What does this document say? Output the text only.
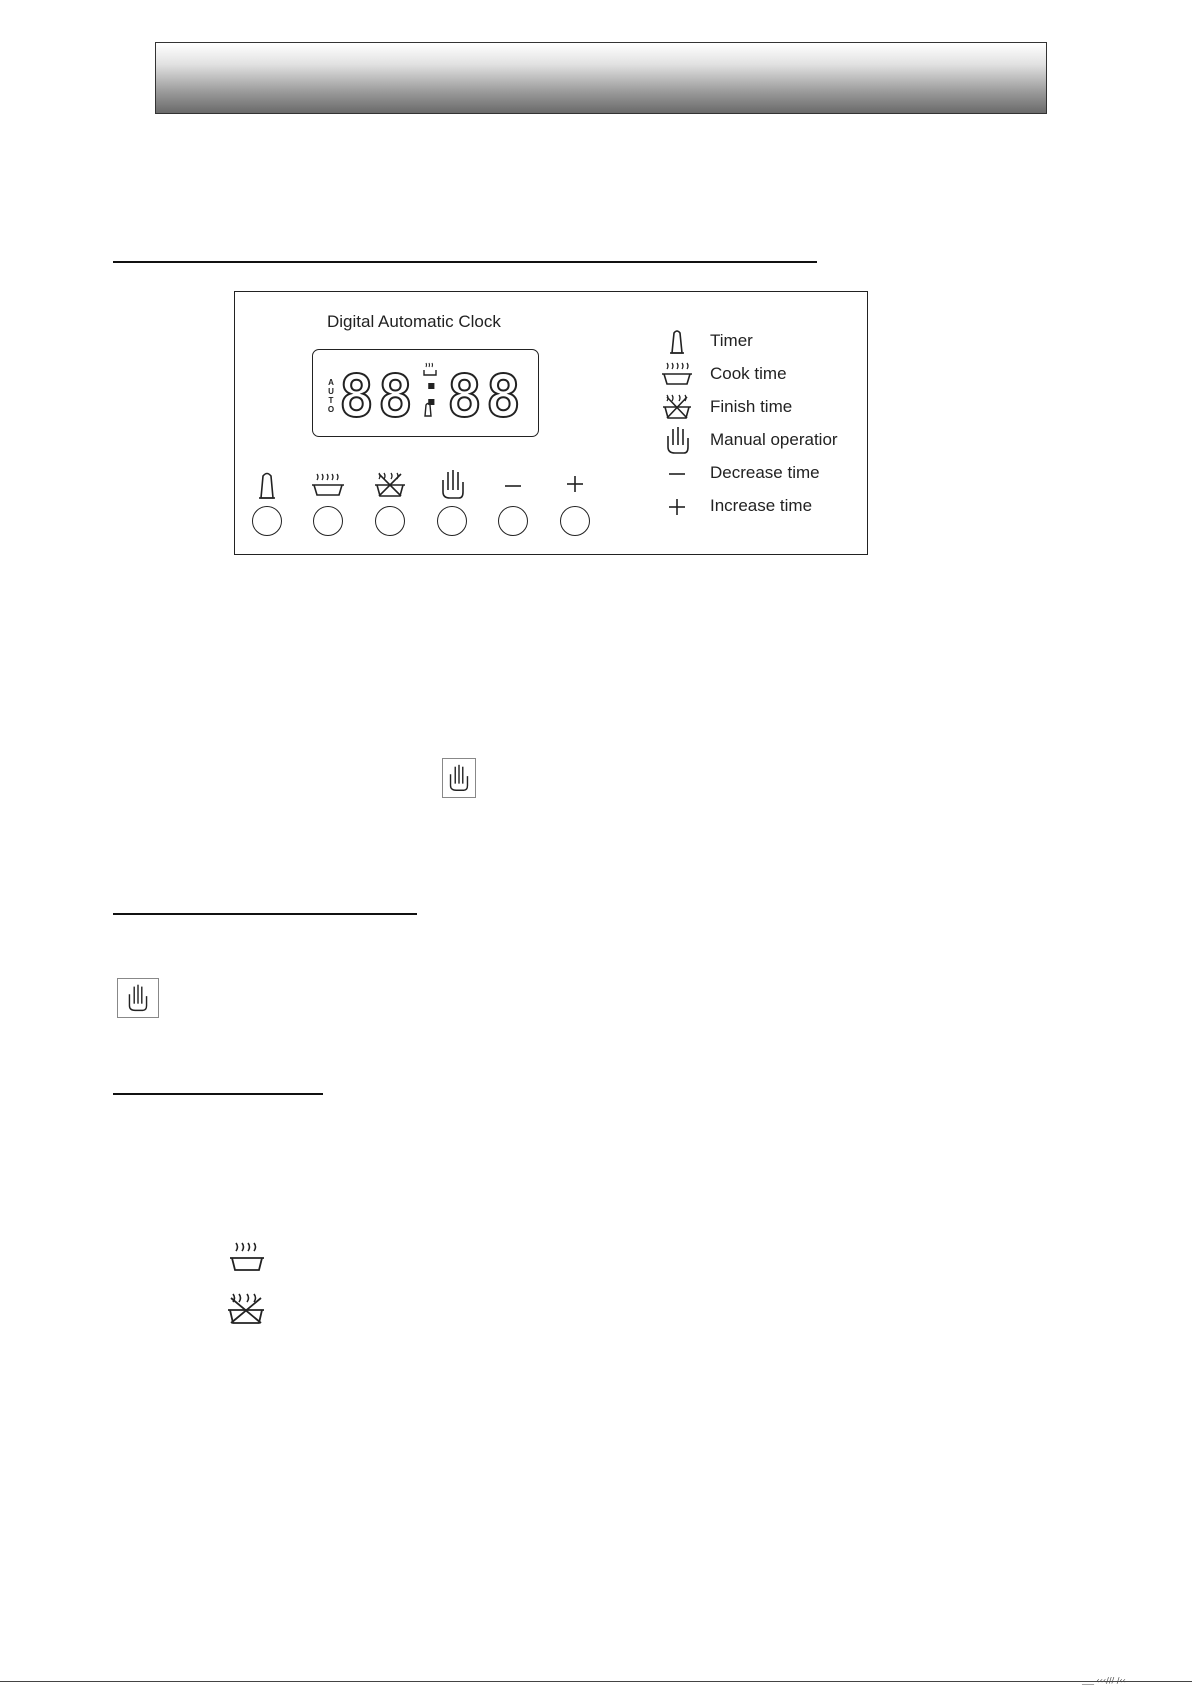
Digital Automatic Clock
AUTO 88 : 88
Timer
Cook time
Finish time
Manual operatior
Decrease time
Increase time
___ ‹‹‹∕// ∕‹‹
